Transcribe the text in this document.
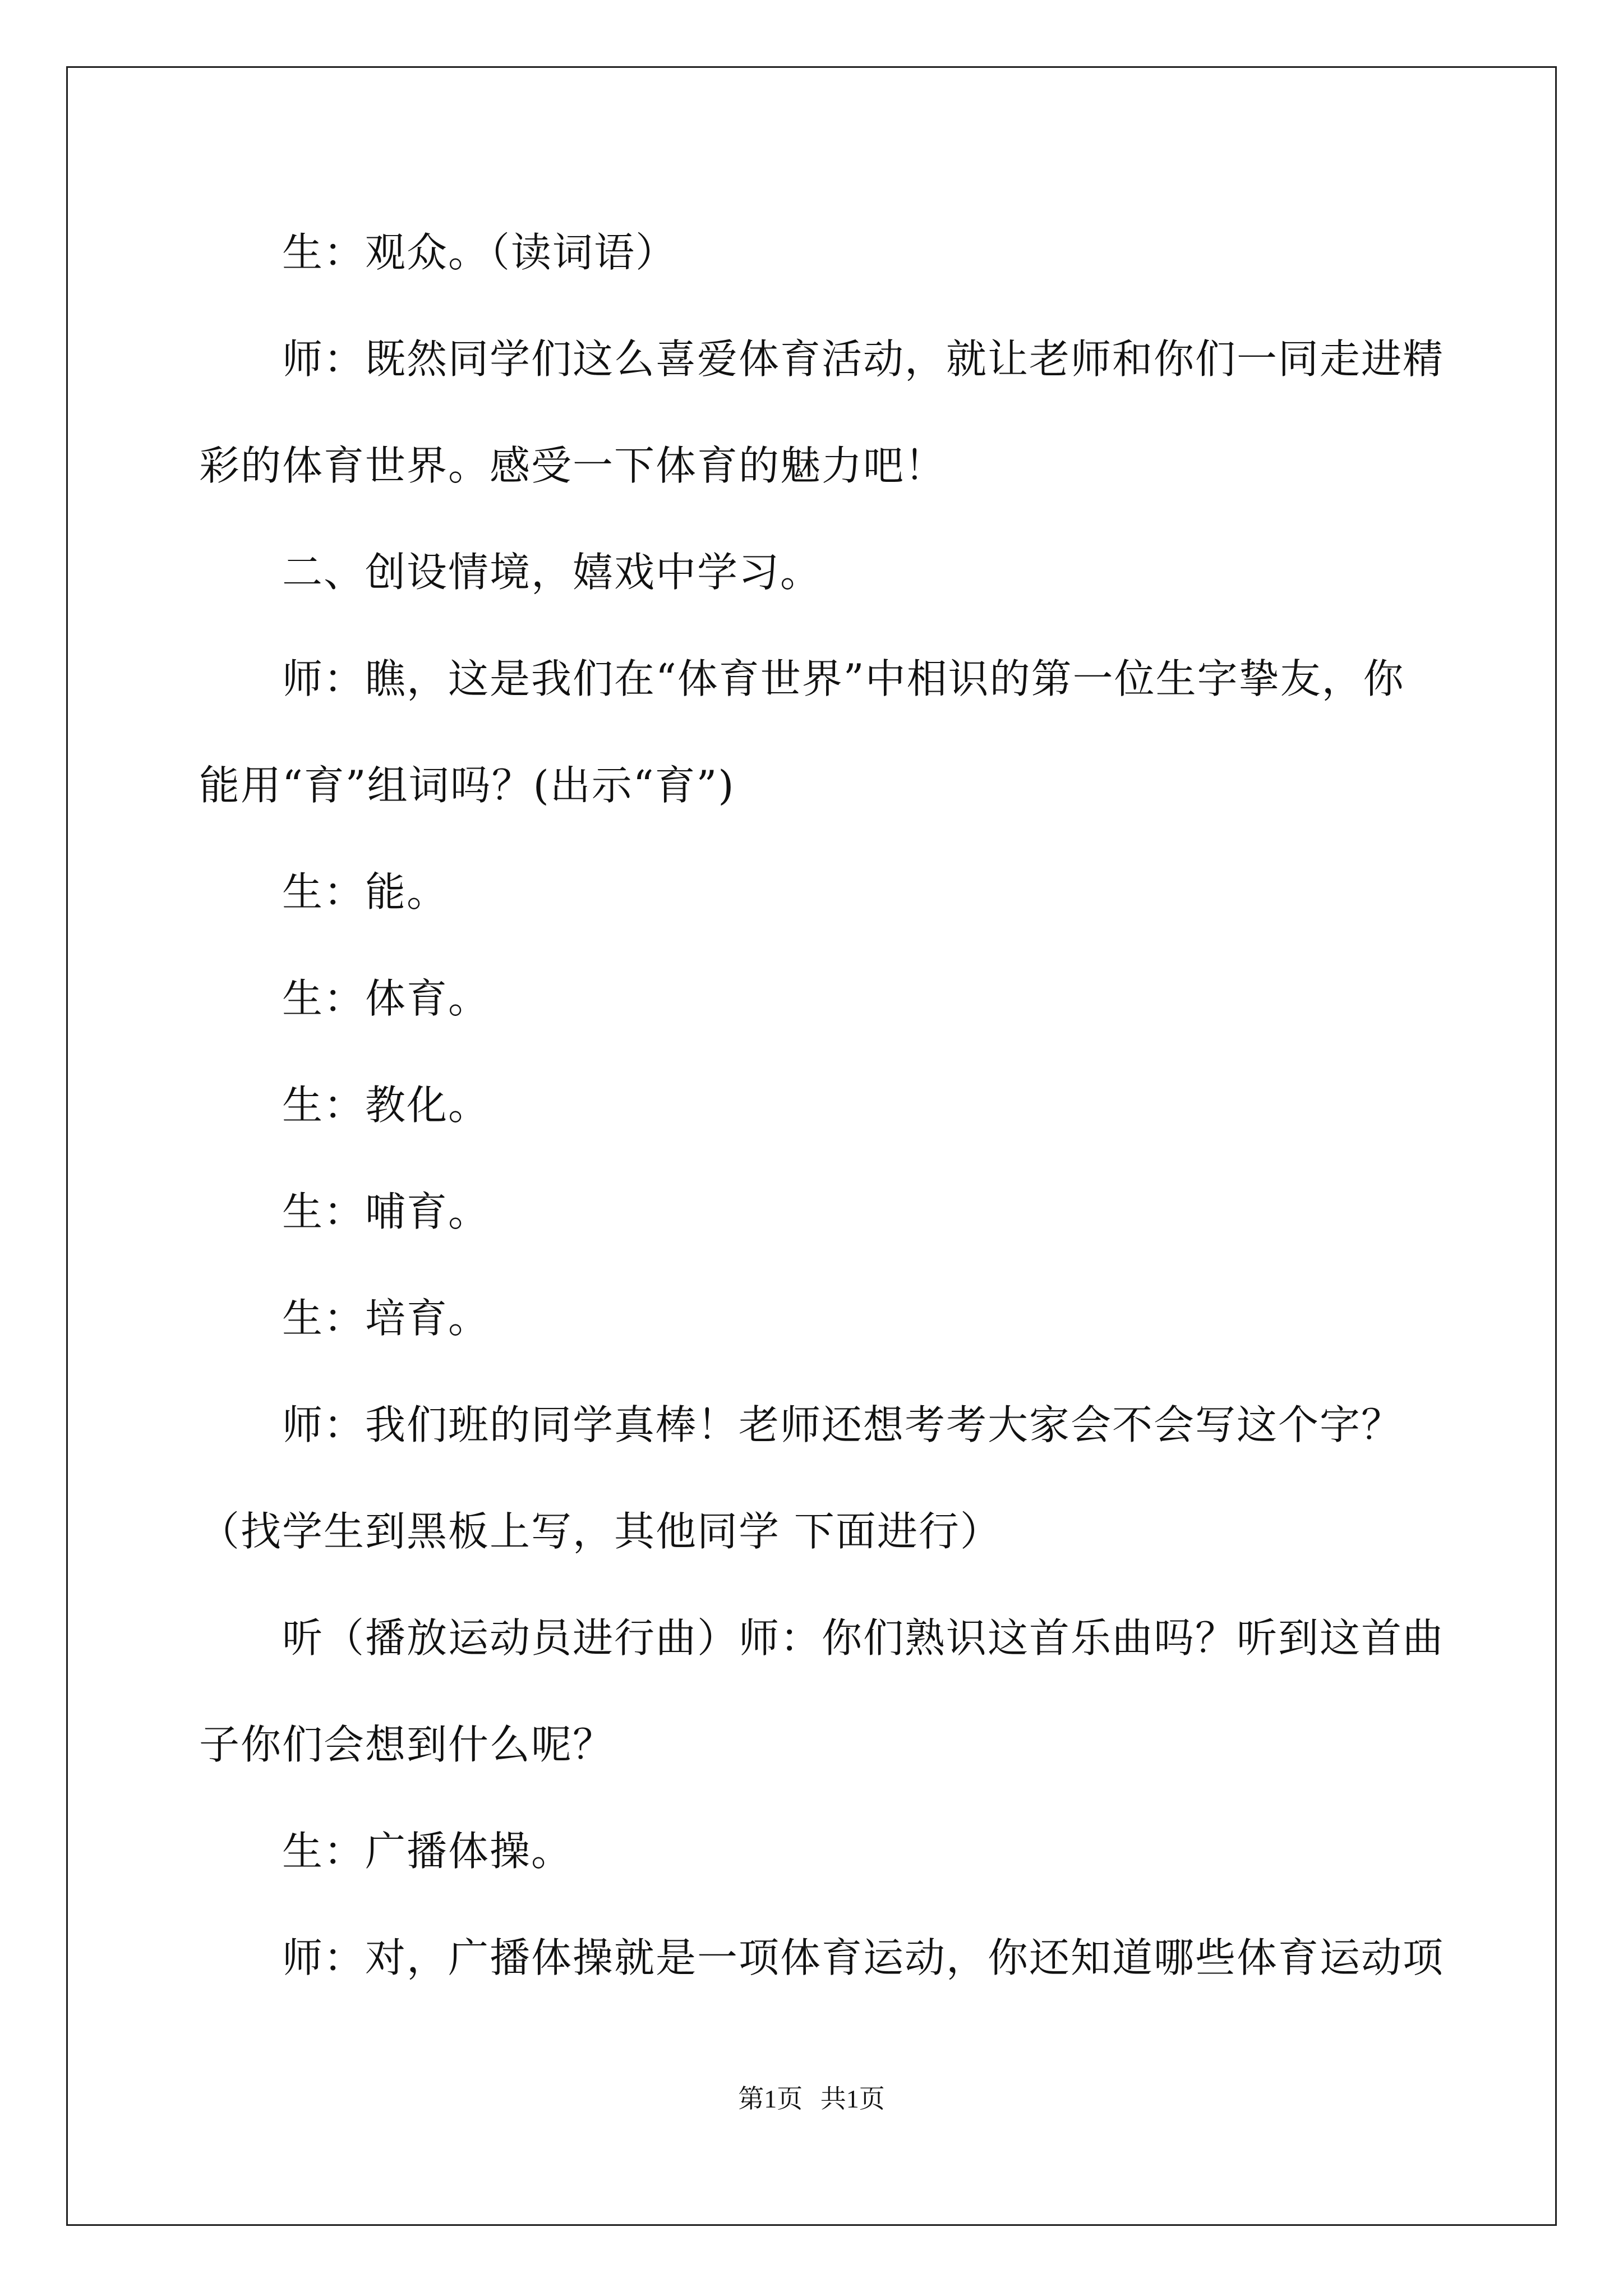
生：观众。（读词语）
师：既然同学们这么喜爱体育活动，就让老师和你们一同走进精
彩的体育世界。感受一下体育的魅力吧！
二、创设情境，嬉戏中学习。
师：瞧，这是我们在“体育世界”中相识的第一位生字挚友，你
能用“育”组词吗？(出示“育”)
生：能。
生：体育。
生：教化。
生：哺育。
生：培育。
师：我们班的同学真棒！老师还想考考大家会不会写这个字？
（找学生到黑板上写，其他同学 下面进行）
听（播放运动员进行曲）师：你们熟识这首乐曲吗？听到这首曲
子你们会想到什么呢？
生：广播体操。
师：对，广播体操就是一项体育运动，你还知道哪些体育运动项
第1页 共1页
